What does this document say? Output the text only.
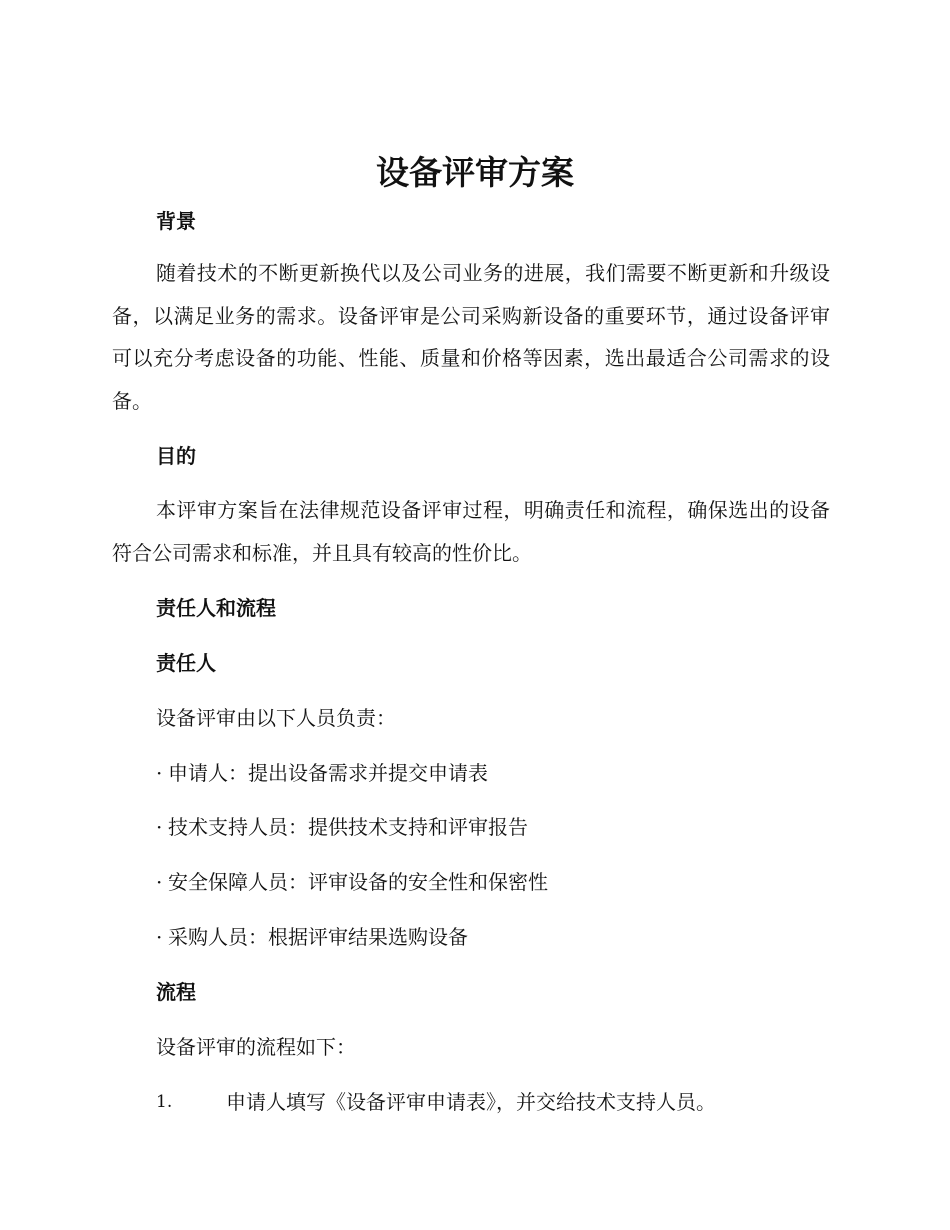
设备评审方案
背景

随着技术的不断更新换代以及公司业务的进展，我们需要不断更新和升级设备，以满足业务的需求。设备评审是公司采购新设备的重要环节，通过设备评审可以充分考虑设备的功能、性能、质量和价格等因素，选出最适合公司需求的设备。

目的

本评审方案旨在法律规范设备评审过程，明确责任和流程，确保选出的设备符合公司需求和标准，并且具有较高的性价比。

责任人和流程
责任人

设备评审由以下人员负责：

· 申请人：提出设备需求并提交申请表

· 技术支持人员：提供技术支持和评审报告

· 安全保障人员：评审设备的安全性和保密性

· 采购人员：根据评审结果选购设备

流程

设备评审的流程如下：

1.	申请人填写《设备评审申请表》，并交给技术支持人员。
